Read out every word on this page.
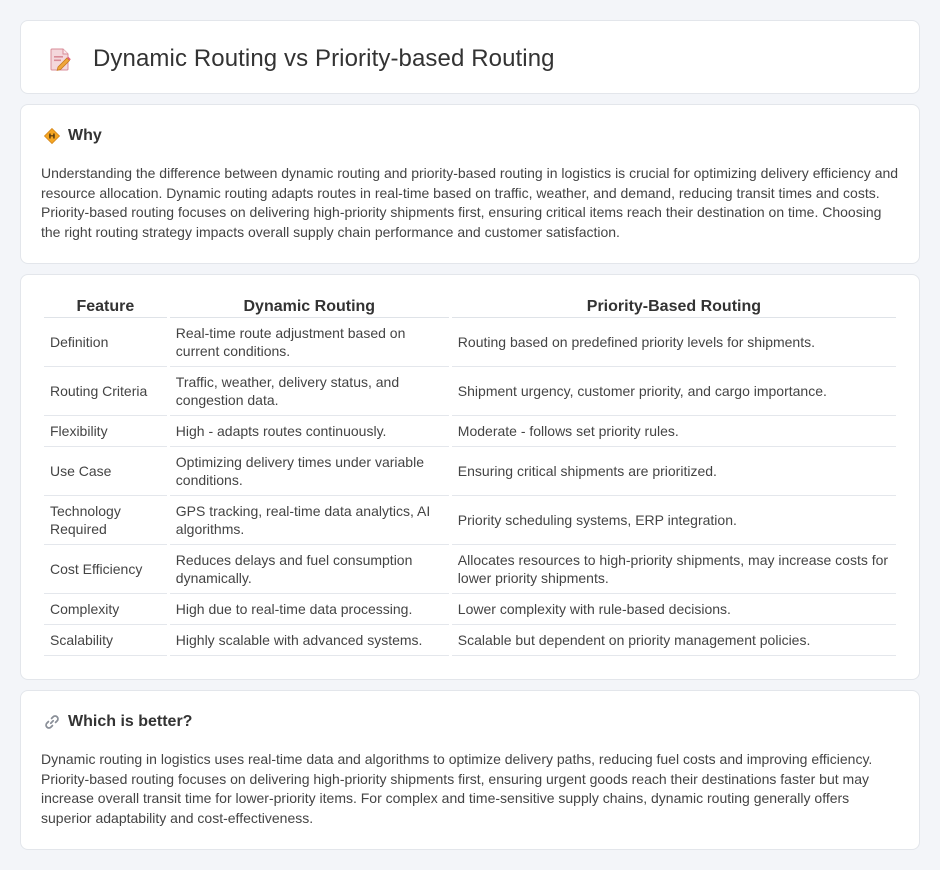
Dynamic Routing vs Priority-based Routing
Why

Understanding the difference between dynamic routing and priority-based routing in logistics is crucial for optimizing delivery efficiency and resource allocation. Dynamic routing adapts routes in real-time based on traffic, weather, and demand, reducing transit times and costs. Priority-based routing focuses on delivering high-priority shipments first, ensuring critical items reach their destination on time. Choosing the right routing strategy impacts overall supply chain performance and customer satisfaction.

Feature	Dynamic Routing	Priority-Based Routing
Definition	Real-time route adjustment based on current conditions.	Routing based on predefined priority levels for shipments.
Routing Criteria	Traffic, weather, delivery status, and congestion data.	Shipment urgency, customer priority, and cargo importance.
Flexibility	High - adapts routes continuously.	Moderate - follows set priority rules.
Use Case	Optimizing delivery times under variable conditions.	Ensuring critical shipments are prioritized.
Technology Required	GPS tracking, real-time data analytics, AI algorithms.	Priority scheduling systems, ERP integration.
Cost Efficiency	Reduces delays and fuel consumption dynamically.	Allocates resources to high-priority shipments, may increase costs for lower priority shipments.
Complexity	High due to real-time data processing.	Lower complexity with rule-based decisions.
Scalability	Highly scalable with advanced systems.	Scalable but dependent on priority management policies.
Which is better?

Dynamic routing in logistics uses real-time data and algorithms to optimize delivery paths, reducing fuel costs and improving efficiency. Priority-based routing focuses on delivering high-priority shipments first, ensuring urgent goods reach their destinations faster but may increase overall transit time for lower-priority items. For complex and time-sensitive supply chains, dynamic routing generally offers superior adaptability and cost-effectiveness.
